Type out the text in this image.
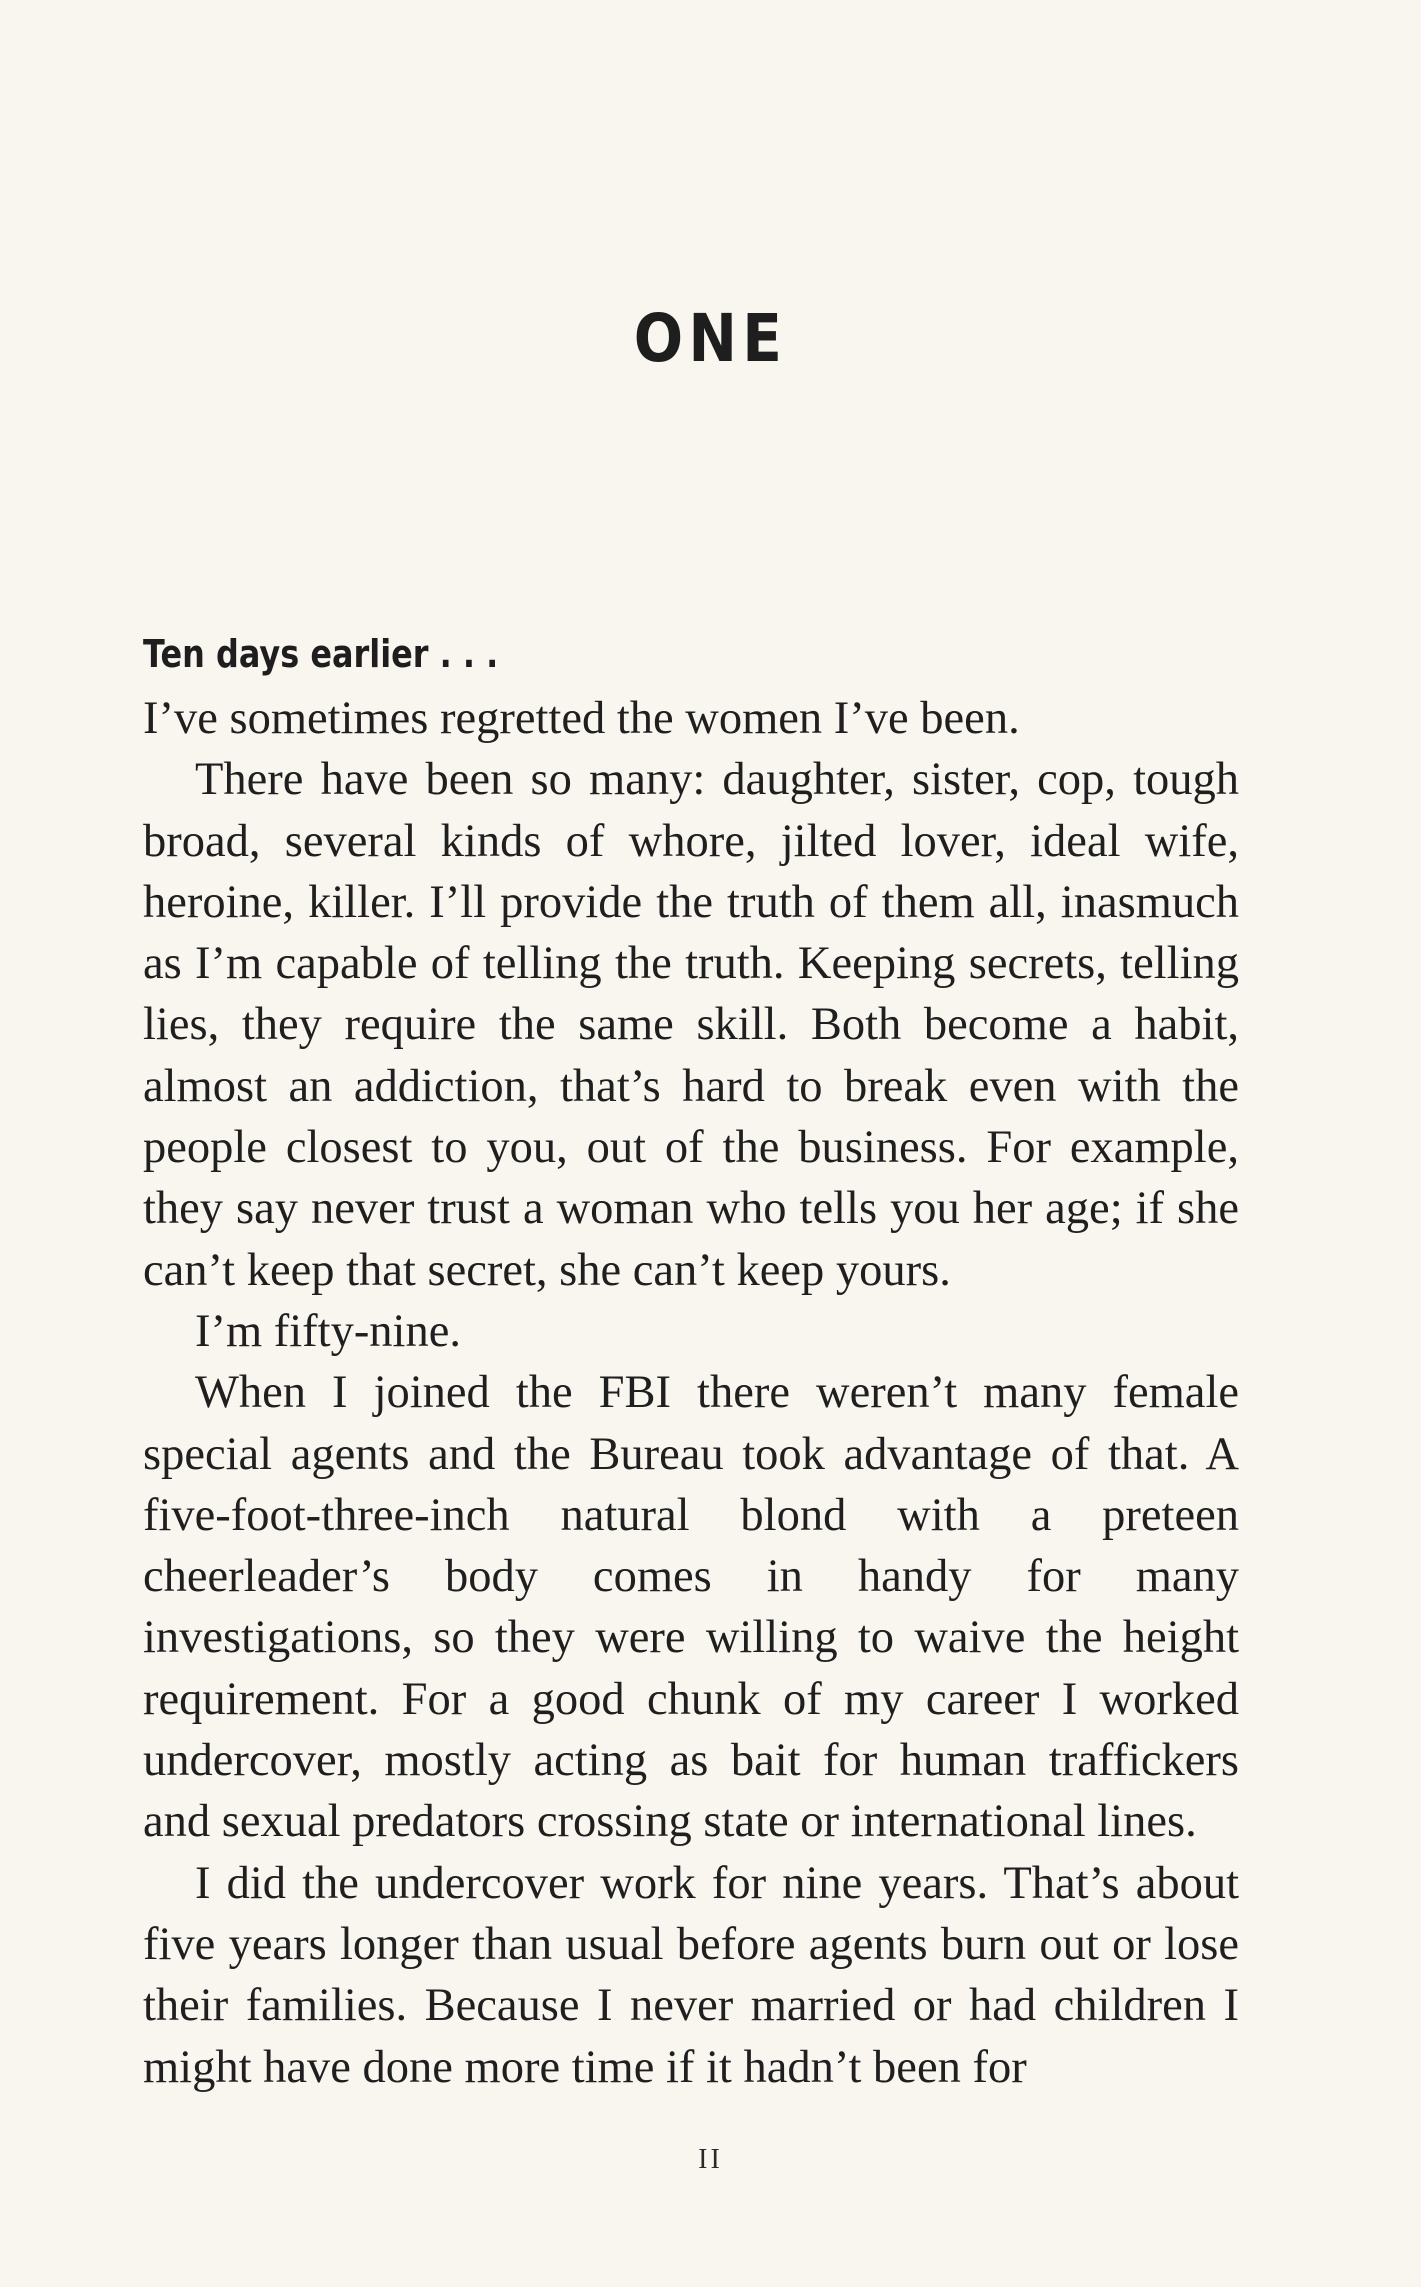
ONE
Ten days earlier . . .

I’ve sometimes regretted the women I’ve been.

There have been so many: daughter, sister, cop, tough broad, several kinds of whore, jilted lover, ideal wife, heroine, killer. I’ll provide the truth of them all, inasmuch as I’m capable of telling the truth. Keeping secrets, telling lies, they require the same skill. Both become a habit, almost an addiction, that’s hard to break even with the people closest to you, out of the business. For example, they say never trust a woman who tells you her age; if she can’t keep that secret, she can’t keep yours.

I’m fifty-nine.

When I joined the FBI there weren’t many female special agents and the Bureau took advantage of that. A five-foot-three-inch natural blond with a preteen cheerleader’s body comes in handy for many investigations, so they were willing to waive the height requirement. For a good chunk of my career I worked undercover, mostly acting as bait for human traffickers and sexual predators crossing state or international lines.

I did the undercover work for nine years. That’s about five years longer than usual before agents burn out or lose their families. Because I never married or had children I might have done more time if it hadn’t been for

II
